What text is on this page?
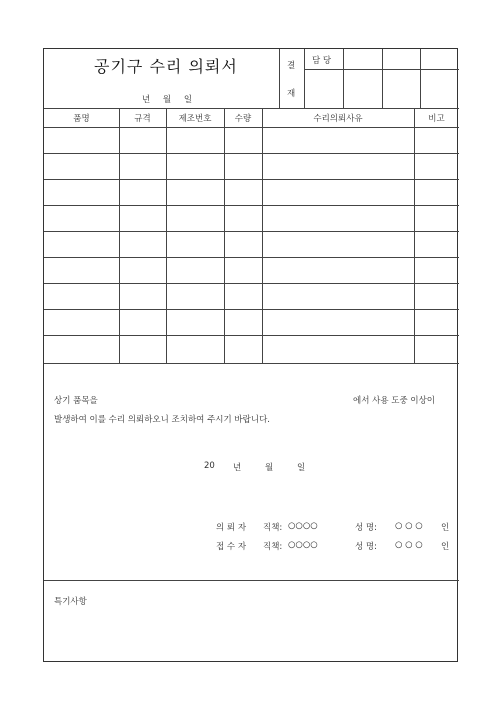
공기구 수리 의뢰서
년 월 일
결
재
담 당
품명	규격	제조번호	수량	수리의뢰사유	비고
상기 품목을	에서 사용 도중 이상이
발생하여 이를 수리 의뢰하오니 조치하여 주시기 바랍니다.
20 년	월	일
의 뢰 자 직책: ○○○○	성 명: ○ ○ ○ 인
접 수 자 직책: ○○○○	성 명: ○ ○ ○ 인
특기사항
